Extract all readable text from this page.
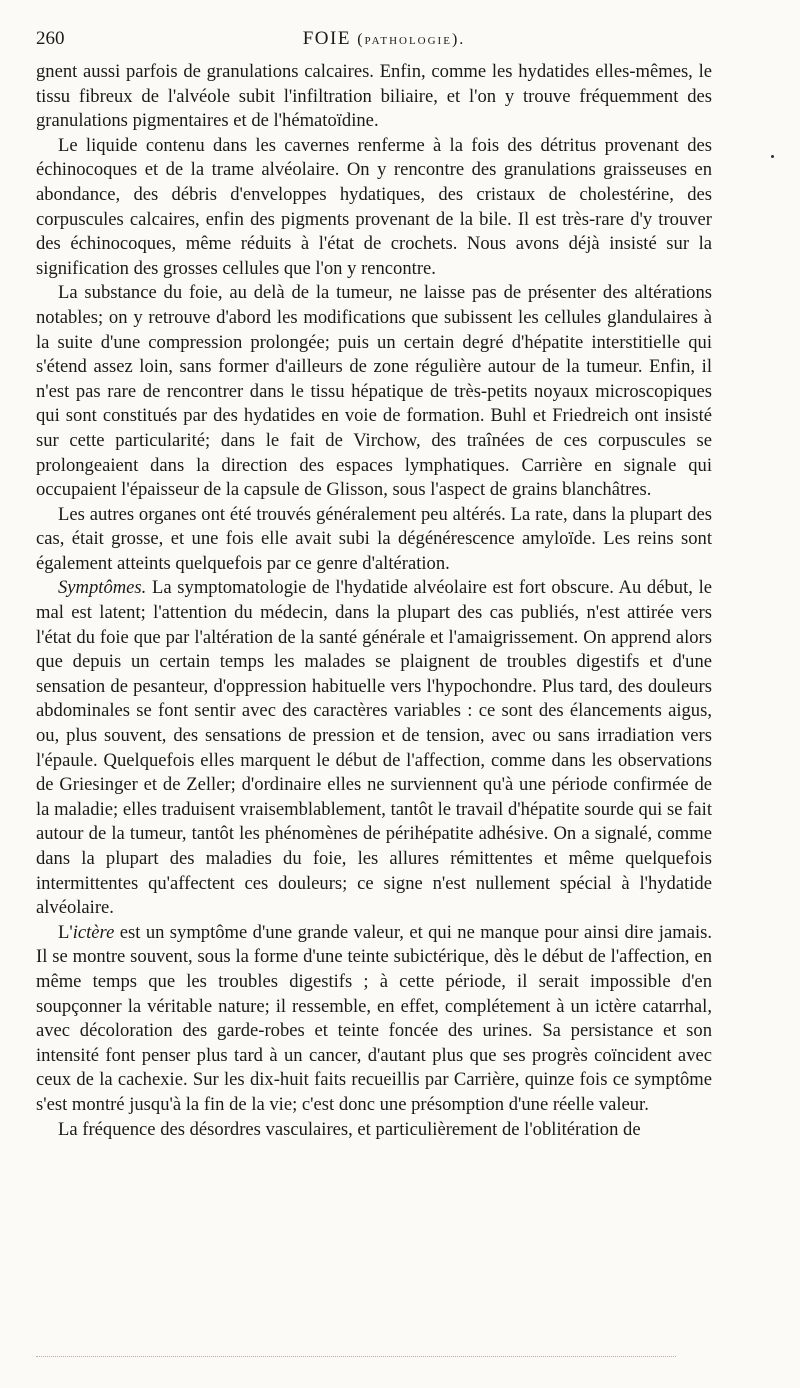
260	FOIE (pathologie).

gnent aussi parfois de granulations calcaires. Enfin, comme les hydatides elles-mêmes, le tissu fibreux de l'alvéole subit l'infiltration biliaire, et l'on y trouve fréquemment des granulations pigmentaires et de l'hématoïdine.

Le liquide contenu dans les cavernes renferme à la fois des détritus provenant des échinocoques et de la trame alvéolaire. On y rencontre des granulations graisseuses en abondance, des débris d'enveloppes hydatiques, des cristaux de cholestérine, des corpuscules calcaires, enfin des pigments provenant de la bile. Il est très-rare d'y trouver des échinocoques, même réduits à l'état de crochets. Nous avons déjà insisté sur la signification des grosses cellules que l'on y rencontre.

La substance du foie, au delà de la tumeur, ne laisse pas de présenter des altérations notables; on y retrouve d'abord les modifications que subissent les cellules glandulaires à la suite d'une compression prolongée; puis un certain degré d'hépatite interstitielle qui s'étend assez loin, sans former d'ailleurs de zone régulière autour de la tumeur. Enfin, il n'est pas rare de rencontrer dans le tissu hépatique de très-petits noyaux microscopiques qui sont constitués par des hydatides en voie de formation. Buhl et Friedreich ont insisté sur cette particularité; dans le fait de Virchow, des traînées de ces corpuscules se prolongeaient dans la direction des espaces lymphatiques. Carrière en signale qui occupaient l'épaisseur de la capsule de Glisson, sous l'aspect de grains blanchâtres.

Les autres organes ont été trouvés généralement peu altérés. La rate, dans la plupart des cas, était grosse, et une fois elle avait subi la dégénérescence amyloïde. Les reins sont également atteints quelquefois par ce genre d'altération.

Symptômes. La symptomatologie de l'hydatide alvéolaire est fort obscure. Au début, le mal est latent; l'attention du médecin, dans la plupart des cas publiés, n'est attirée vers l'état du foie que par l'altération de la santé générale et l'amaigrissement. On apprend alors que depuis un certain temps les malades se plaignent de troubles digestifs et d'une sensation de pesanteur, d'oppression habituelle vers l'hypochondre. Plus tard, des douleurs abdominales se font sentir avec des caractères variables : ce sont des élancements aigus, ou, plus souvent, des sensations de pression et de tension, avec ou sans irradiation vers l'épaule. Quelquefois elles marquent le début de l'affection, comme dans les observations de Griesinger et de Zeller; d'ordinaire elles ne surviennent qu'à une période confirmée de la maladie; elles traduisent vraisemblablement, tantôt le travail d'hépatite sourde qui se fait autour de la tumeur, tantôt les phénomènes de périhépatite adhésive. On a signalé, comme dans la plupart des maladies du foie, les allures rémittentes et même quelquefois intermittentes qu'affectent ces douleurs; ce signe n'est nullement spécial à l'hydatide alvéolaire.

L'ictère est un symptôme d'une grande valeur, et qui ne manque pour ainsi dire jamais. Il se montre souvent, sous la forme d'une teinte subictérique, dès le début de l'affection, en même temps que les troubles digestifs ; à cette période, il serait impossible d'en soupçonner la véritable nature; il ressemble, en effet, complétement à un ictère catarrhal, avec décoloration des garde-robes et teinte foncée des urines. Sa persistance et son intensité font penser plus tard à un cancer, d'autant plus que ses progrès coïncident avec ceux de la cachexie. Sur les dix-huit faits recueillis par Carrière, quinze fois ce symptôme s'est montré jusqu'à la fin de la vie; c'est donc une présomption d'une réelle valeur.

La fréquence des désordres vasculaires, et particulièrement de l'oblitération de
